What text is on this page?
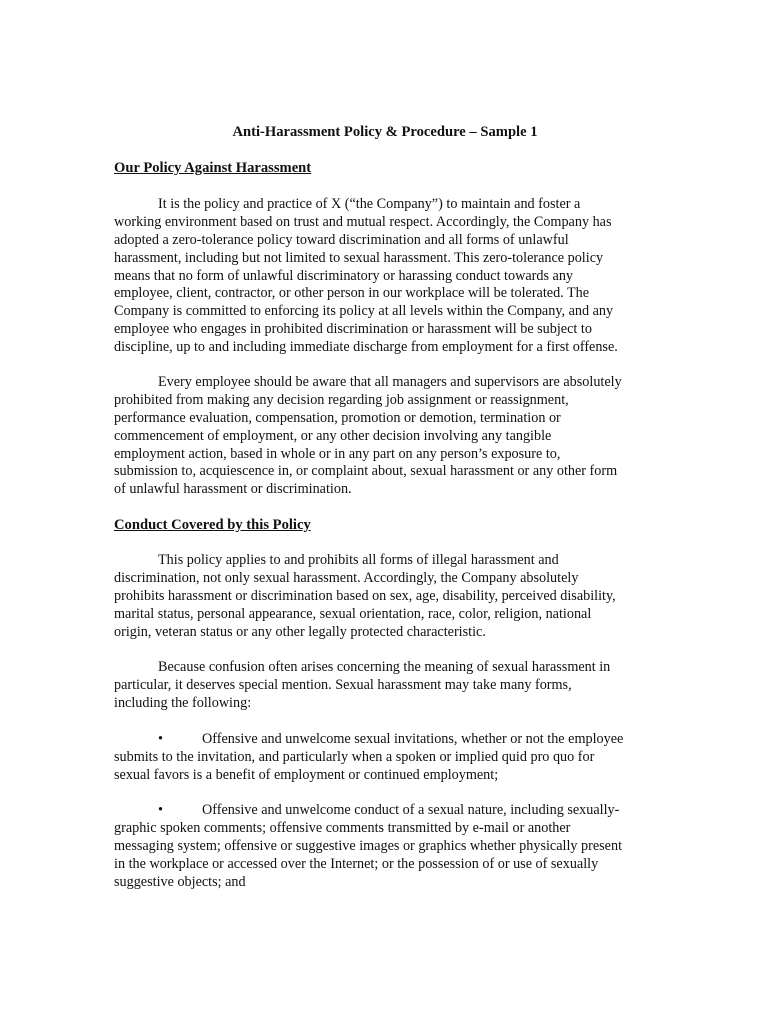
Anti-Harassment Policy & Procedure – Sample 1
Our Policy Against Harassment
It is the policy and practice of X (“the Company”) to maintain and foster a
working environment based on trust and mutual respect. Accordingly, the Company has
adopted a zero-tolerance policy toward discrimination and all forms of unlawful
harassment, including but not limited to sexual harassment. This zero-tolerance policy
means that no form of unlawful discriminatory or harassing conduct towards any
employee, client, contractor, or other person in our workplace will be tolerated. The
Company is committed to enforcing its policy at all levels within the Company, and any
employee who engages in prohibited discrimination or harassment will be subject to
discipline, up to and including immediate discharge from employment for a first offense.
Every employee should be aware that all managers and supervisors are absolutely
prohibited from making any decision regarding job assignment or reassignment,
performance evaluation, compensation, promotion or demotion, termination or
commencement of employment, or any other decision involving any tangible
employment action, based in whole or in any part on any person’s exposure to,
submission to, acquiescence in, or complaint about, sexual harassment or any other form
of unlawful harassment or discrimination.
Conduct Covered by this Policy
This policy applies to and prohibits all forms of illegal harassment and
discrimination, not only sexual harassment. Accordingly, the Company absolutely
prohibits harassment or discrimination based on sex, age, disability, perceived disability,
marital status, personal appearance, sexual orientation, race, color, religion, national
origin, veteran status or any other legally protected characteristic.
Because confusion often arises concerning the meaning of sexual harassment in
particular, it deserves special mention. Sexual harassment may take many forms,
including the following:
•	Offensive and unwelcome sexual invitations, whether or not the employee
submits to the invitation, and particularly when a spoken or implied quid pro quo for
sexual favors is a benefit of employment or continued employment;
•	Offensive and unwelcome conduct of a sexual nature, including sexually-
graphic spoken comments; offensive comments transmitted by e-mail or another
messaging system; offensive or suggestive images or graphics whether physically present
in the workplace or accessed over the Internet; or the possession of or use of sexually
suggestive objects; and
